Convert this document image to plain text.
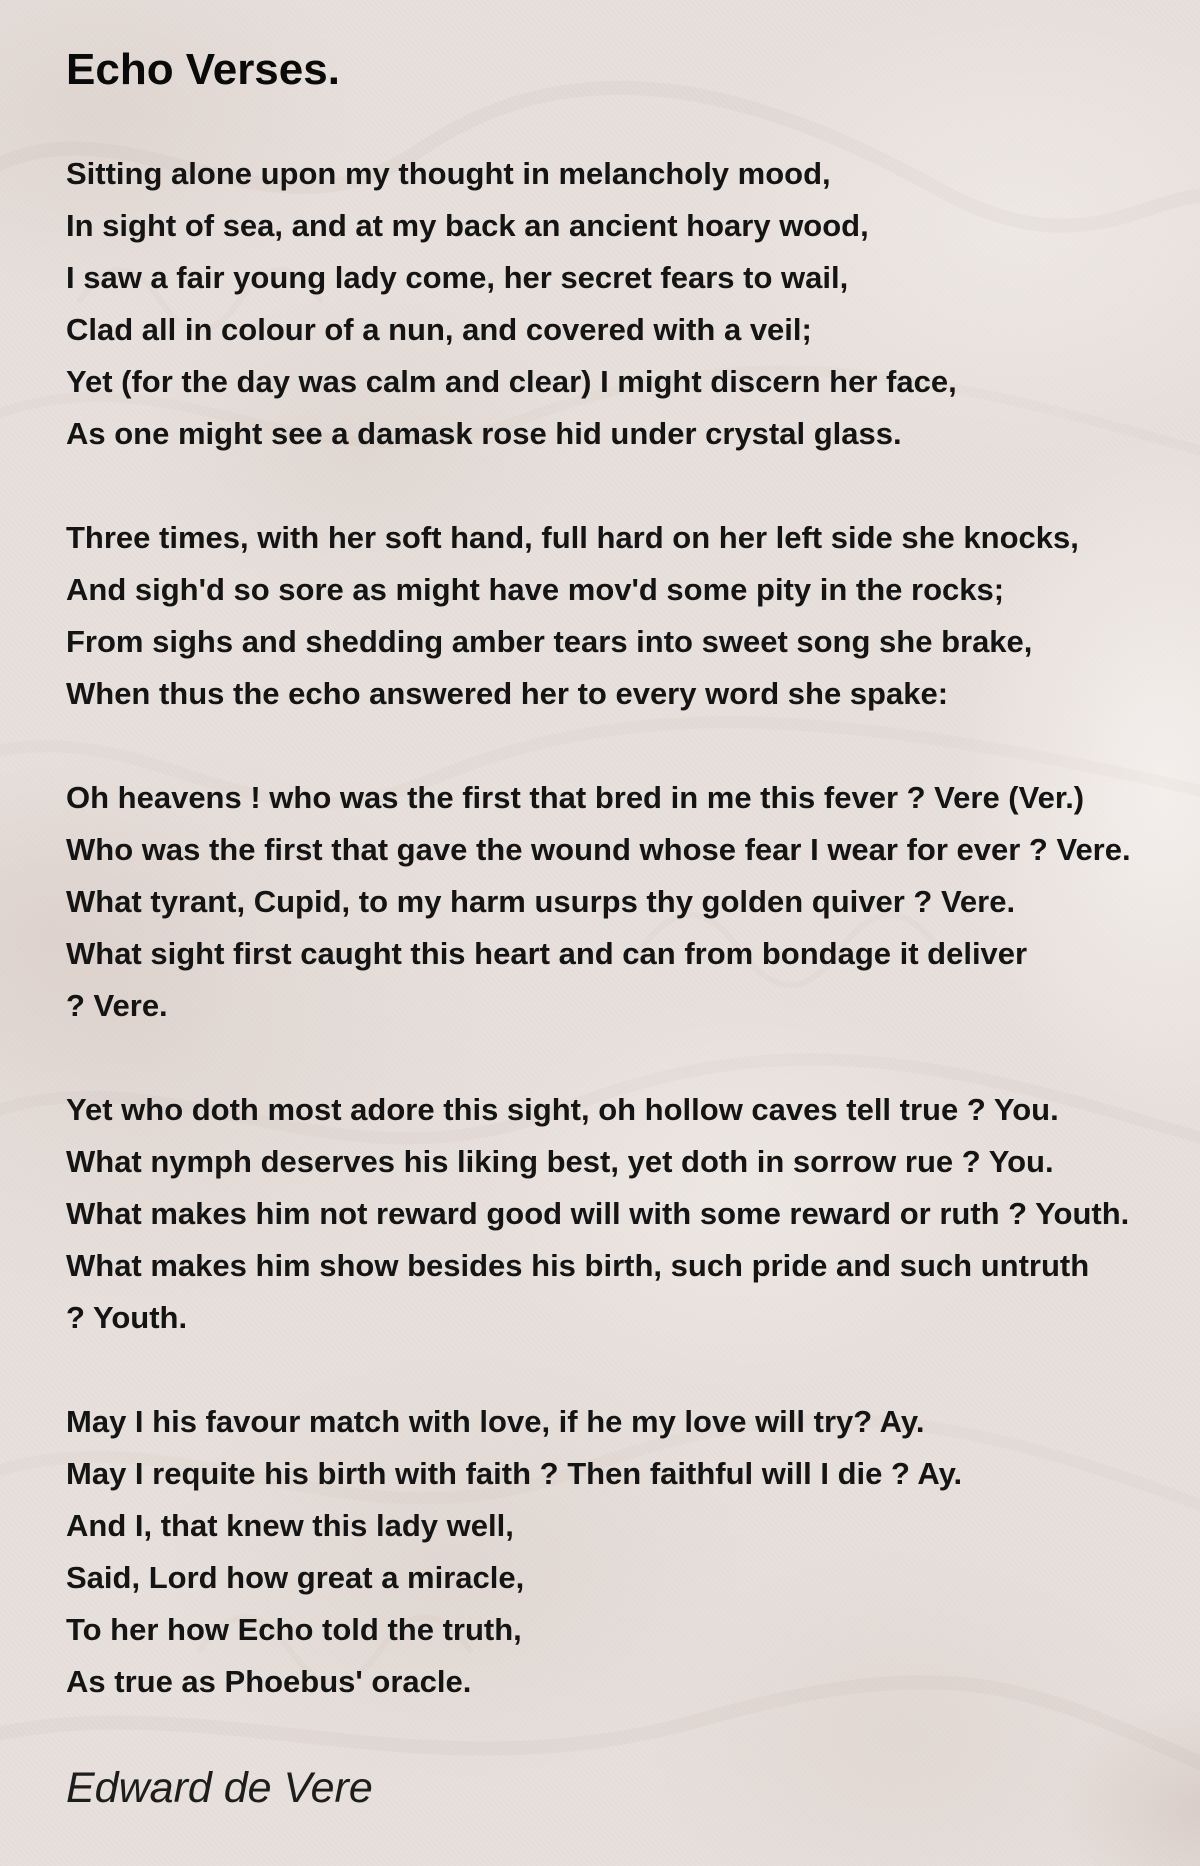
Echo Verses.

Sitting alone upon my thought in melancholy mood,

In sight of sea, and at my back an ancient hoary wood,

I saw a fair young lady come, her secret fears to wail,

Clad all in colour of a nun, and covered with a veil;

Yet (for the day was calm and clear) I might discern her face,

As one might see a damask rose hid under crystal glass.

Three times, with her soft hand, full hard on her left side she knocks,

And sigh'd so sore as might have mov'd some pity in the rocks;

From sighs and shedding amber tears into sweet song she brake,

When thus the echo answered her to every word she spake:

Oh heavens ! who was the first that bred in me this fever ? Vere (Ver.)

Who was the first that gave the wound whose fear I wear for ever ? Vere.

What tyrant, Cupid, to my harm usurps thy golden quiver ? Vere.

What sight first caught this heart and can from bondage it deliver

? Vere.

Yet who doth most adore this sight, oh hollow caves tell true ? You.

What nymph deserves his liking best, yet doth in sorrow rue ? You.

What makes him not reward good will with some reward or ruth ? Youth.

What makes him show besides his birth, such pride and such untruth

? Youth.

May I his favour match with love, if he my love will try? Ay.

May I requite his birth with faith ? Then faithful will I die ? Ay.

And I, that knew this lady well,

Said, Lord how great a miracle,

To her how Echo told the truth,

As true as Phoebus' oracle.

Edward de Vere
